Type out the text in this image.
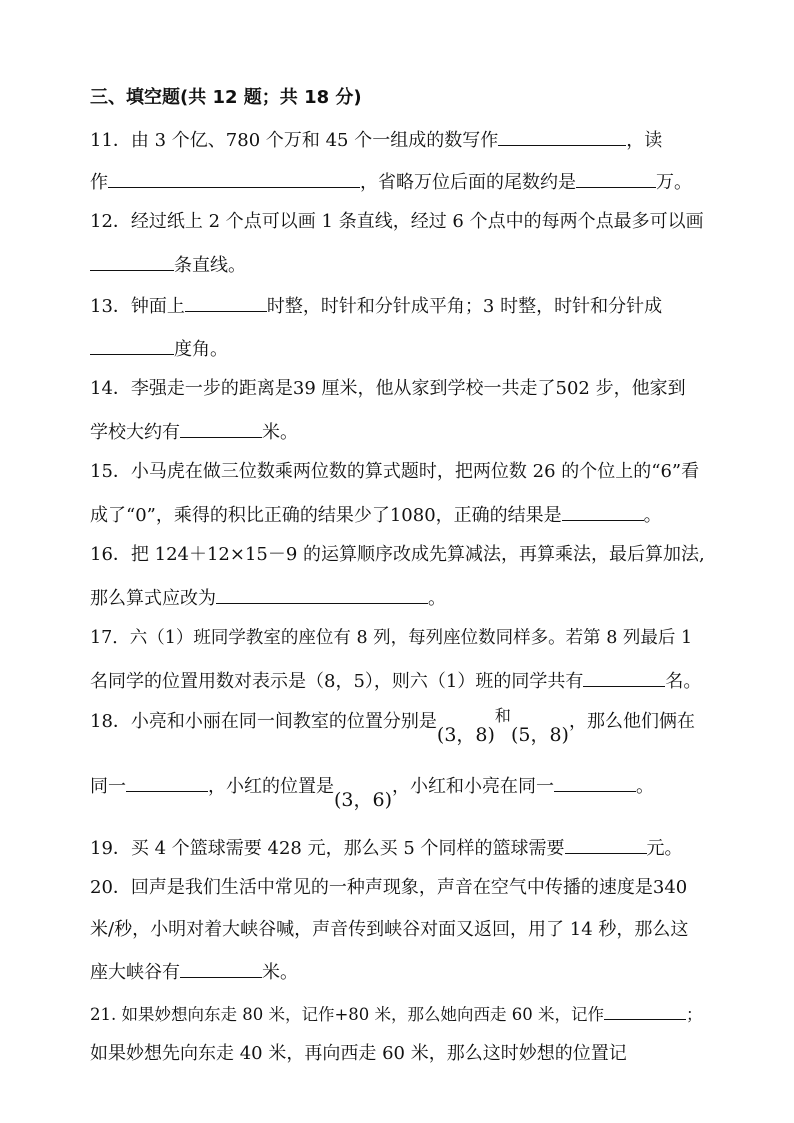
三、填空题(共 12 题；共 18 分)
11．由 3 个亿、780 个万和 45 个一组成的数写作	，读
作	，省略万位后面的尾数约是	万。
12．经过纸上 2 个点可以画 1 条直线，经过 6 个点中的每两个点最多可以画
条直线。
13．钟面上	时整，时针和分针成平角；3 时整，时针和分针成
度角。
14．李强走一步的距离是39 厘米，他从家到学校一共走了502 步，他家到
学校大约有	米。
15．小马虎在做三位数乘两位数的算式题时，把两位数 26 的个位上的“6”看
成了“0”，乘得的积比正确的结果少了1080，正确的结果是	。
16．把 124＋12×15－9 的运算顺序改成先算减法，再算乘法，最后算加法,
那么算式应改为	。
17．六（1）班同学教室的座位有 8 列，每列座位数同样多。若第 8 列最后 1
名同学的位置用数对表示是（8，5），则六（1）班的同学共有	名。
18．小亮和小丽在同一间教室的位置分别是(3，8)和(5，8)，那么他们俩在
同一	，小红的位置是(3，6)，小红和小亮在同一	。
19．买 4 个篮球需要 428 元，那么买 5 个同样的篮球需要	元。
20．回声是我们生活中常见的一种声现象，声音在空气中传播的速度是340
米/秒，小明对着大峡谷喊，声音传到峡谷对面又返回，用了 14 秒，那么这
座大峡谷有	米。
21. 如果妙想向东走 80 米，记作+80 米，那么她向西走 60 米，记作	；
如果妙想先向东走 40 米，再向西走 60 米，那么这时妙想的位置记
